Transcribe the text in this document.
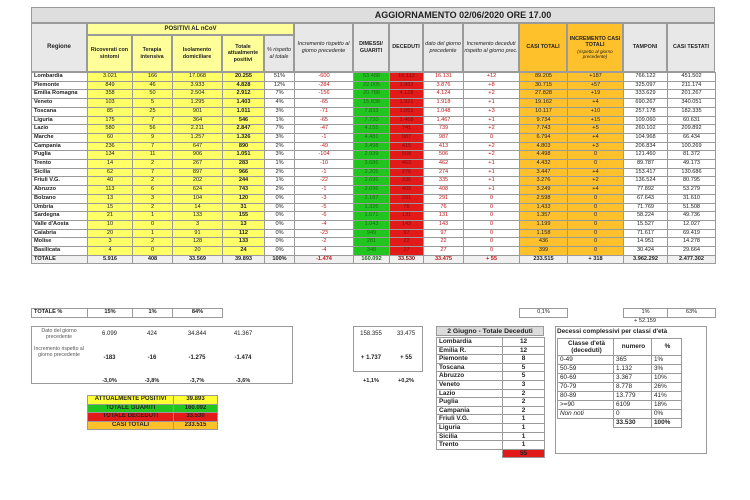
AGGIORNAMENTO 02/06/2020 ORE 17.00
Regione
POSITIVI AL nCoV
Ricoverati con sintomi
Terapia intensiva
Isolamento domiciliare
Totale attualmente positivi
% rispetto al totale
Incremento rispetto al giorno precedente
DIMESSI/ GUARITI
DECEDUTI
dato del giorno precedente
Incremento deceduti rispetto al giorno prec.
CASI TOTALI
INCREMENTO CASI TOTALI
(rispetto al giorno precedente)
TAMPONI	CASI TESTATI
Lombardia	3.021	166	17.068	20.255	51%	-600	53.488	16.112	16.131	+12	89.205	+187	766.122	451.502
Piemonte	849	46	3.933	4.828	12%	-284	22.005	3.882	3.876	+8	30.715	+57	325.097	211.174
Emilia Romagna	358	50	2.504	2.912	7%	-156	20.788	4.128	4.124	+2	27.828	+19	333.629	201.267
Veneto	103	5	1.295	1.403	4%	-65	15.838	1.921	1.918	+1	19.162	+4	690.267	340.051
Toscana	85	25	901	1.011	3%	-71	7.833	1.051	1.048	+3	10.117	+10	257.178	182.335
Liguria	175	7	364	546	1%	-65	7.720	1.468	1.467	+1	9.734	+15	109.060	60.631
Lazio	580	56	2.211	2.847	7%	-47	4.155	741	739	+2	7.743	+5	260.102	209.892
Marche	60	9	1.257	1.326	3%	-1	4.481	987	987	0	6.794	+4	104.968	66.434
Campania	236	7	647	890	2%	-49	3.498	415	413	+2	4.803	+3	206.834	100.269
Puglia	134	11	906	1.051	3%	-104	2.939	508	506	+2	4.498	0	121.460	81.372
Trento	14	2	267	283	1%	-10	3.686	463	462	+1	4.432	0	89.787	49.173
Sicilia	62	7	897	966	2%	-1	2.205	276	274	+1	3.447	+4	153.417	130.686
Friuli V.G.	40	2	202	244	1%	-22	2.696	336	335	+1	3.276	+2	136.524	80.795
Abruzzo	113	6	624	743	2%	-1	2.096	409	408	+1	3.249	+4	77.892	53.279
Bolzano	13	3	104	120	0%	-3	2.187	291	291	0	2.598	0	67.643	31.610
Umbria	15	2	14	31	0%	-5	1.326	76	76	0	1.433	0	71.769	51.508
Sardegna	21	1	133	155	0%	-6	1.071	131	131	0	1.357	0	58.224	49.736
Valle d'Aosta	10	0	3	13	0%	-4	1.043	143	143	0	1.199	0	15.527	12.027
Calabria	20	1	91	112	0%	-23	949	97	97	0	1.158	0	71.617	69.419
Molise	3	2	128	133	0%	-2	281	22	22	0	436	0	14.951	14.278
Basilicata	4	0	20	24	0%	-4	348	27	27	0	399	0	30.424	29.664
TOTALE	5.916	408	33.569	39.893	100%	-1.474	160.092	33.530	33.475	+ 55	233.515	+ 318	3.962.292	2.477.302
TOTALE %	15%	1%	84%								0,1%		1%	63%
+ 52.159
Dato del giorno precedente
Incremento rispetto al giorno precedente
6.099	424	34.844	41.367
-183	-16	-1.275	-1.474
-3,0%	-3,8%	-3,7%	-3,6%
158.355	33.475
+ 1.737	+ 55
+1,1%	+0,2%
ATTUALMENTE POSITIVI	39.893
TOTALE GUARITI	160.092
TOTALE DECEDUTI	33.530
CASI TOTALI	233.515
2 Giugno - Totale Deceduti
Lombardia	12
Emilia R.	12
Piemonte	8
Toscana	5
Abruzzo	5
Veneto	3
Lazio	2
Puglia	2
Campania	2
Friuli V.G.	1
Liguria	1
Sicilia	1
Trento	1
	55
Decessi complessivi per classi d'età
Classe d'età (deceduti)	numero	%
0-49	365	1%
50-59	1.132	3%
60-69	3.367	10%
70-79	8.778	26%
80-89	13.779	41%
>=90	6109	18%
Non noti	0	0%
	33.530	100%
